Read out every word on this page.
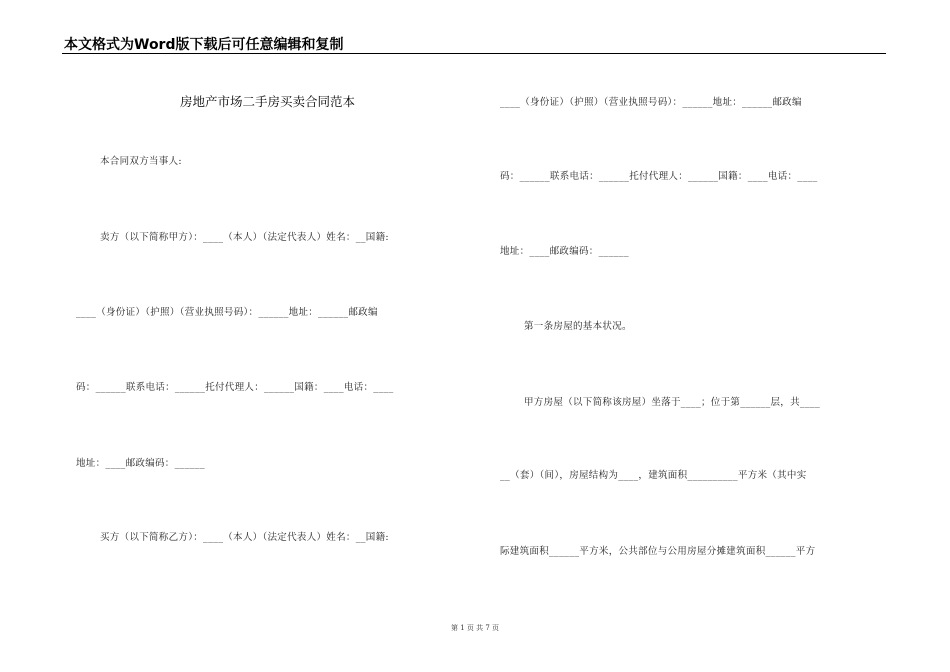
本文格式为Word版下载后可任意编辑和复制
房地产市场二手房买卖合同范本
本合同双方当事人:
卖方（以下简称甲方）：____（本人）（法定代表人）姓名：__国籍:
____（身份证）（护照）（营业执照号码）：______地址：______邮政编
码：______联系电话：______托付代理人：______国籍：____电话：____
地址：____邮政编码：______
买方（以下简称乙方）：____（本人）（法定代表人）姓名：__国籍:
____（身份证）（护照）（营业执照号码）：______地址：______邮政编
码：______联系电话：______托付代理人：______国籍：____电话：____
地址：____邮政编码：______
第一条房屋的基本状况。
甲方房屋（以下简称该房屋）坐落于____；位于第______层，共____
__（套）（间），房屋结构为____，建筑面积__________平方米（其中实
际建筑面积______平方米，公共部位与公用房屋分摊建筑面积______平方
第 1 页 共 7 页
